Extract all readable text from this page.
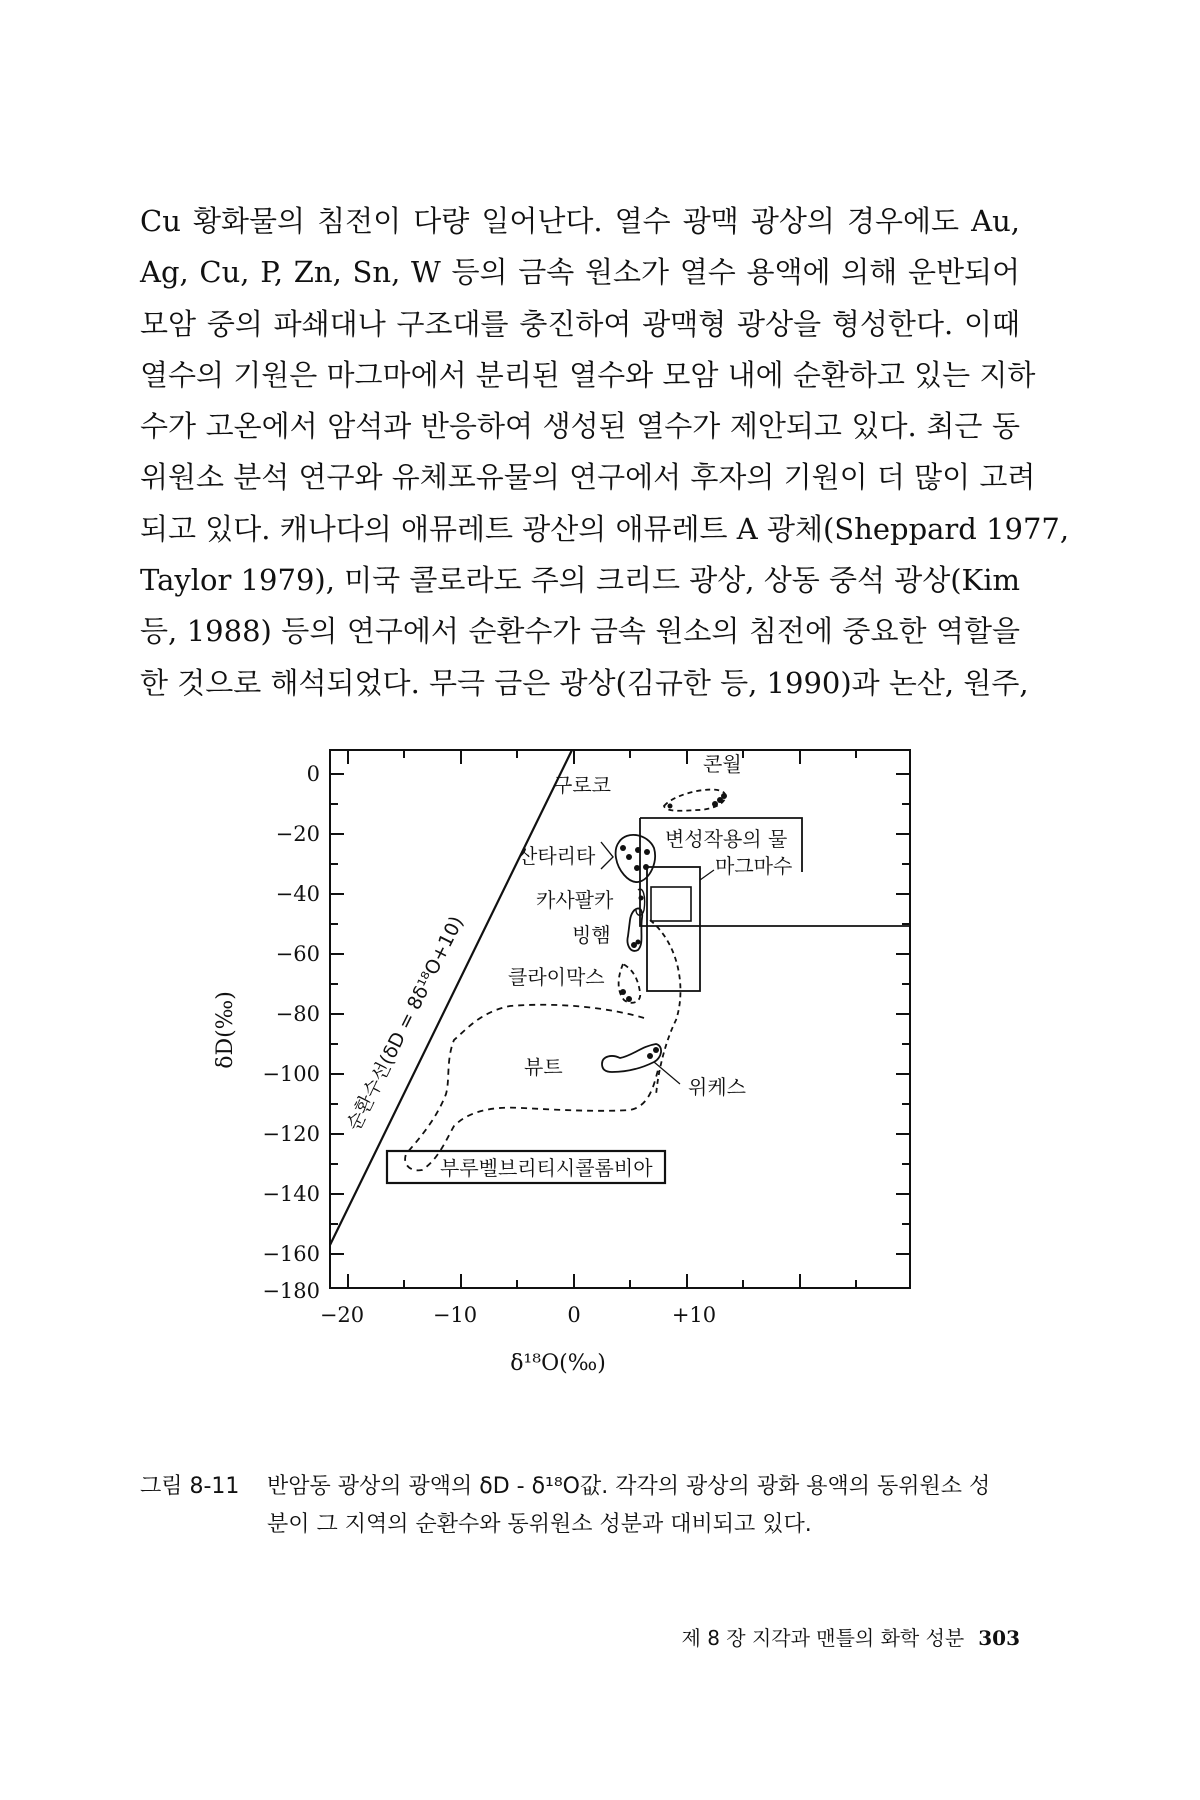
Cu 황화물의 침전이 다량 일어난다. 열수 광맥 광상의 경우에도 Au,
Ag, Cu, P, Zn, Sn, W 등의 금속 원소가 열수 용액에 의해 운반되어
모암 중의 파쇄대나 구조대를 충진하여 광맥형 광상을 형성한다. 이때
열수의 기원은 마그마에서 분리된 열수와 모암 내에 순환하고 있는 지하
수가 고온에서 암석과 반응하여 생성된 열수가 제안되고 있다. 최근 동
위원소 분석 연구와 유체포유물의 연구에서 후자의 기원이 더 많이 고려
되고 있다. 캐나다의 애뮤레트 광산의 애뮤레트 A 광체(Sheppard 1977,
Taylor 1979), 미국 콜로라도 주의 크리드 광상, 상동 중석 광상(Kim
등, 1988) 등의 연구에서 순환수가 금속 원소의 침전에 중요한 역할을
한 것으로 해석되었다. 무극 금은 광상(김규한 등, 1990)과 논산, 원주,
0
−20
−40
−60
−80
−100
−120
−140
−160
−180
−20	−10	0	+10
δ¹⁸O(‰)
δD(‰)	순환수선(δD = 8δ¹⁸O+10)
변성작용의 물
마그마수
콘월
구로코
산타리타
카사팔카
빙햄
클라이막스
위케스
뷰트
부루벨브리티시콜롬비아
그림 8-11 반암동 광상의 광액의 δD - δ¹⁸O값. 각각의 광상의 광화 용액의 동위원소 성분이 그 지역의 순환수와 동위원소 성분과 대비되고 있다.
제 8 장 지각과 맨틀의 화학 성분 303
